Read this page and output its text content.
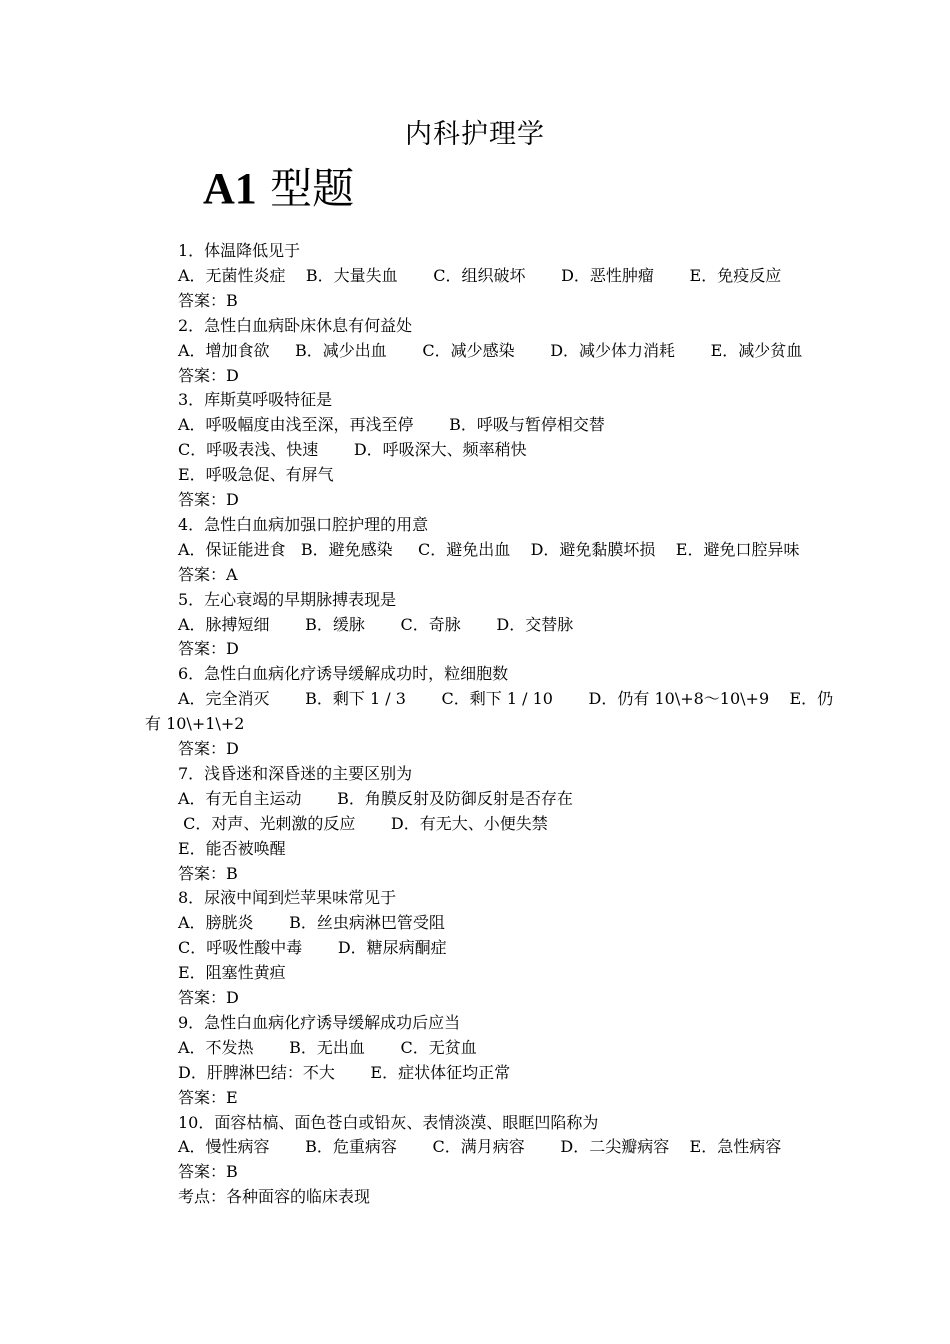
内科护理学
A1 型题
1．体温降低见于
A．无菌性炎症    B．大量失血       C．组织破坏       D．恶性肿瘤       E．免疫反应
答案：B
2．急性白血病卧床休息有何益处
A．增加食欲     B．减少出血       C．减少感染       D．减少体力消耗       E．减少贫血
答案：D
3．库斯莫呼吸特征是
A．呼吸幅度由浅至深，再浅至停       B．呼吸与暂停相交替
C．呼吸表浅、快速       D．呼吸深大、频率稍快
E．呼吸急促、有屏气
答案：D
4．急性白血病加强口腔护理的用意
A．保证能进食   B．避免感染     C．避免出血    D．避免黏膜坏损    E．避免口腔异味
答案：A
5．左心衰竭的早期脉搏表现是
A．脉搏短细       B．缓脉       C．奇脉       D．交替脉
答案：D
6．急性白血病化疗诱导缓解成功时，粒细胞数
A．完全消灭       B．剩下 1 / 3       C．剩下 1 / 10       D．仍有 10\+8～10\+9    E．仍
有 10\+1\+2
答案：D
7．浅昏迷和深昏迷的主要区别为
A．有无自主运动       B．角膜反射及防御反射是否存在
C．对声、光刺激的反应       D．有无大、小便失禁
E．能否被唤醒
答案：B
8．尿液中闻到烂苹果味常见于
A．膀胱炎       B．丝虫病淋巴管受阻
C．呼吸性酸中毒       D．糖尿病酮症
E．阻塞性黄疸
答案：D
9．急性白血病化疗诱导缓解成功后应当
A．不发热       B．无出血       C．无贫血
D．肝脾淋巴结：不大       E．症状体征均正常
答案：E
10．面容枯槁、面色苍白或铅灰、表情淡漠、眼眶凹陷称为
A．慢性病容       B．危重病容       C．满月病容       D．二尖瓣病容    E．急性病容
答案：B
考点：各种面容的临床表现
